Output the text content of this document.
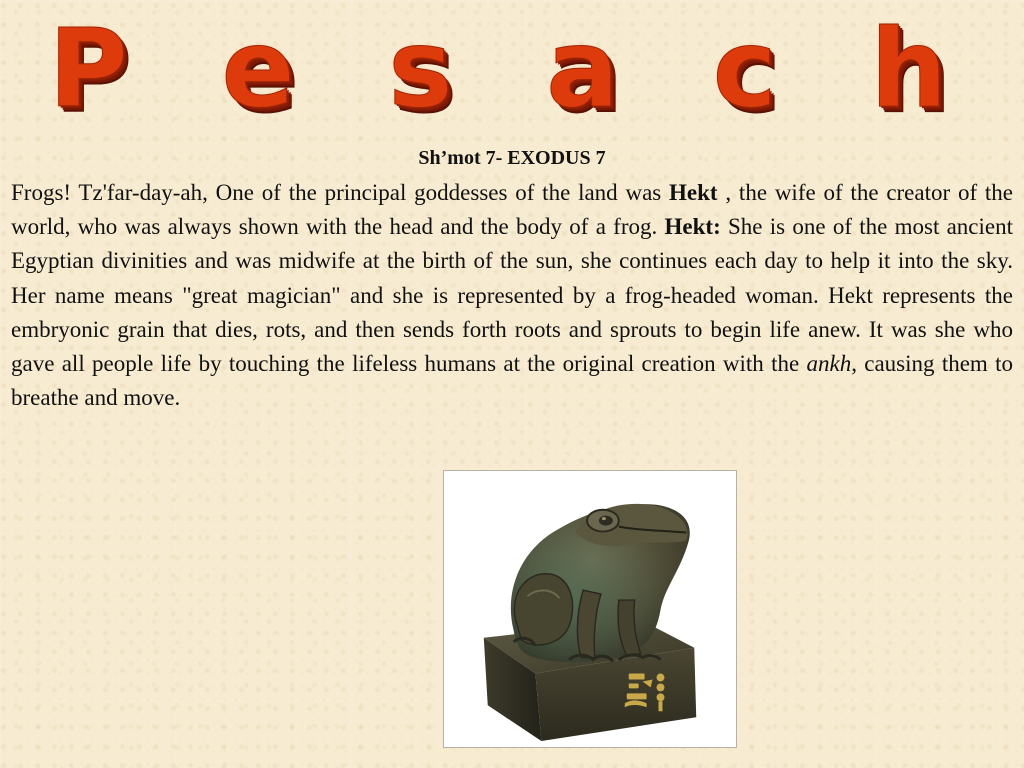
P e s a c h
Sh’mot 7- EXODUS 7

Frogs! Tz'far-day-ah, One of the principal goddesses of the land was Hekt , the wife of the creator of the world, who was always shown with the head and the body of a frog. Hekt: She is one of the most ancient Egyptian divinities and was midwife at the birth of the sun, she continues each day to help it into the sky. Her name means "great magician" and she is represented by a frog-headed woman. Hekt represents the embryonic grain that dies, rots, and then sends forth roots and sprouts to begin life anew. It was she who gave all people life by touching the lifeless humans at the original creation with the ankh, causing them to breathe and move.
